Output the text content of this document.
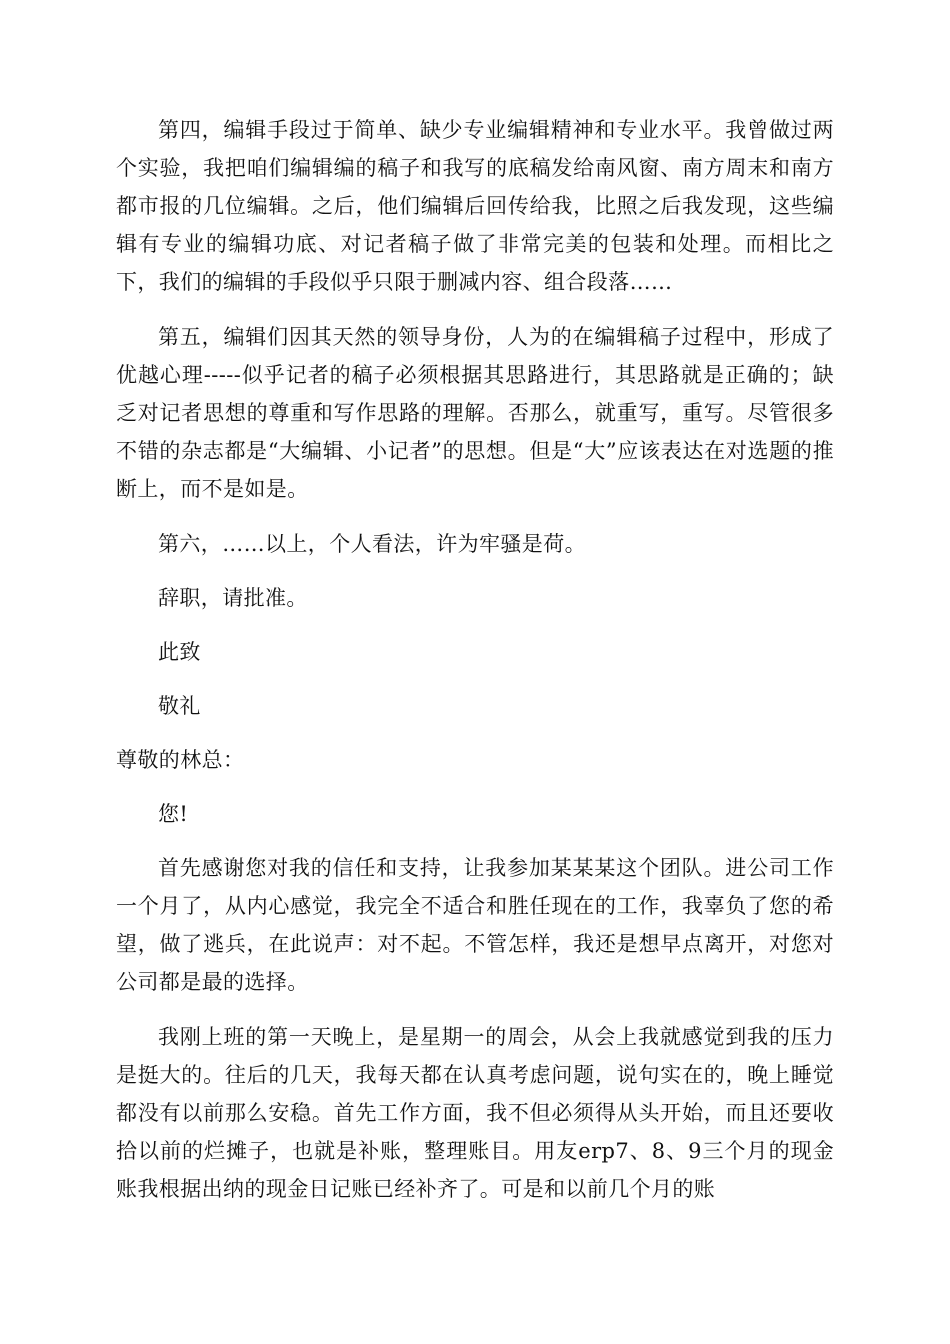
第四，编辑手段过于简单、缺少专业编辑精神和专业水平。我曾做过两个实验，我把咱们编辑编的稿子和我写的底稿发给南风窗、南方周末和南方都市报的几位编辑。之后，他们编辑后回传给我，比照之后我发现，这些编辑有专业的编辑功底、对记者稿子做了非常完美的包装和处理。而相比之下，我们的编辑的手段似乎只限于删减内容、组合段落……

第五，编辑们因其天然的领导身份，人为的在编辑稿子过程中，形成了优越心理-----似乎记者的稿子必须根据其思路进行，其思路就是正确的；缺乏对记者思想的尊重和写作思路的理解。否那么，就重写，重写。尽管很多不错的杂志都是“大编辑、小记者”的思想。但是“大”应该表达在对选题的推断上，而不是如是。

第六，……以上，个人看法，许为牢骚是荷。

辞职，请批准。

此致

敬礼

尊敬的林总：

您!

首先感谢您对我的信任和支持，让我参加某某某这个团队。进公司工作一个月了，从内心感觉，我完全不适合和胜任现在的工作，我辜负了您的希望，做了逃兵，在此说声：对不起。不管怎样，我还是想早点离开，对您对公司都是最的选择。

我刚上班的第一天晚上，是星期一的周会，从会上我就感觉到我的压力是挺大的。往后的几天，我每天都在认真考虑问题，说句实在的，晚上睡觉都没有以前那么安稳。首先工作方面，我不但必须得从头开始，而且还要收拾以前的烂摊子，也就是补账，整理账目。用友erp7、8、9三个月的现金账我根据出纳的现金日记账已经补齐了。可是和以前几个月的账
